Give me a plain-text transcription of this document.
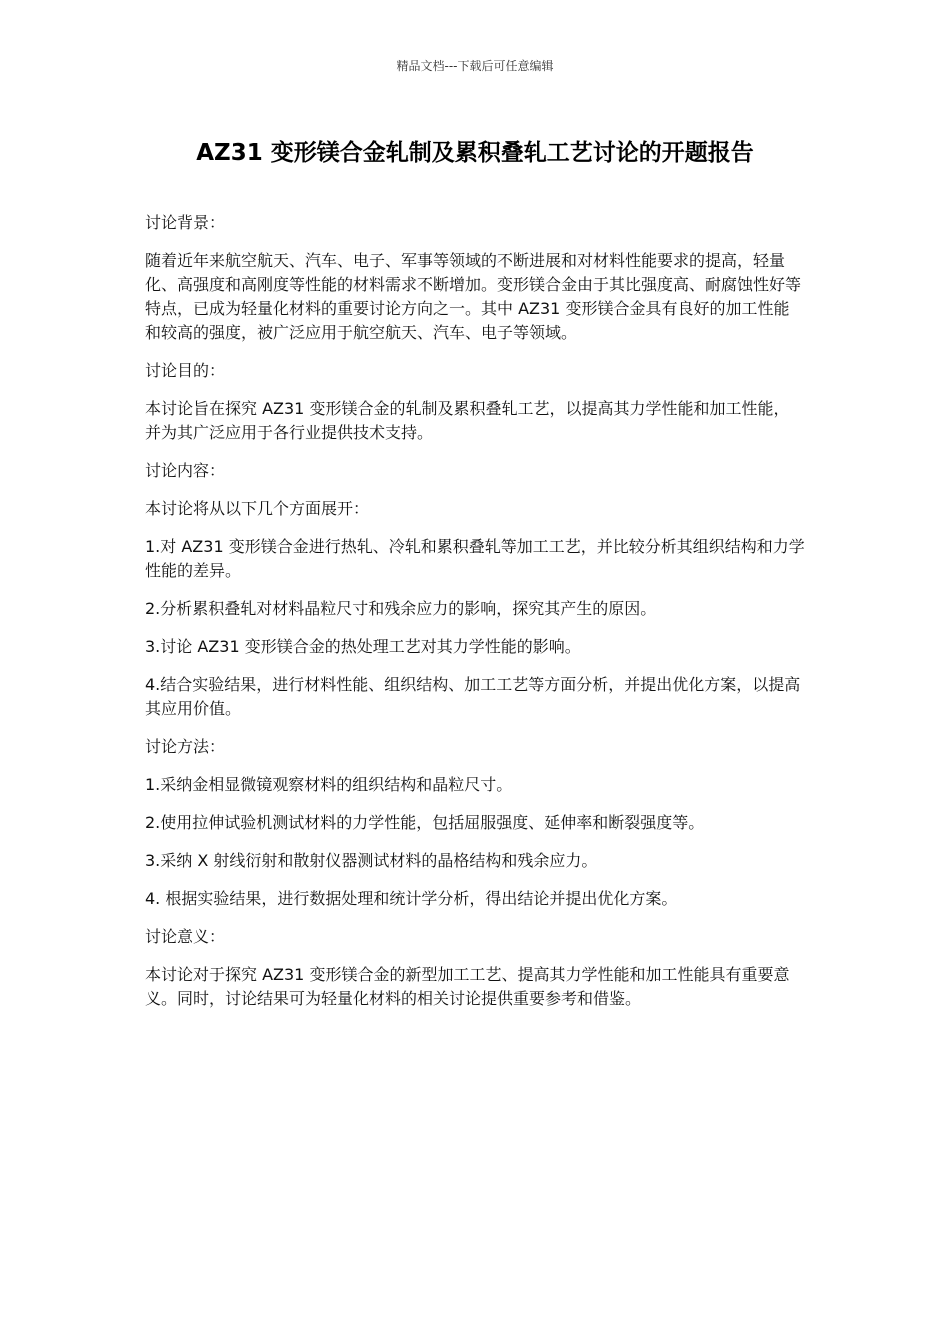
精品文档---下载后可任意编辑
AZ31 变形镁合金轧制及累积叠轧工艺讨论的开题报告

讨论背景：

随着近年来航空航天、汽车、电子、军事等领域的不断进展和对材料性能要求的提高，轻量化、高强度和高刚度等性能的材料需求不断增加。变形镁合金由于其比强度高、耐腐蚀性好等特点，已成为轻量化材料的重要讨论方向之一。其中 AZ31 变形镁合金具有良好的加工性能和较高的强度，被广泛应用于航空航天、汽车、电子等领域。

讨论目的：

本讨论旨在探究 AZ31 变形镁合金的轧制及累积叠轧工艺，以提高其力学性能和加工性能，并为其广泛应用于各行业提供技术支持。

讨论内容：

本讨论将从以下几个方面展开：

1.对 AZ31 变形镁合金进行热轧、冷轧和累积叠轧等加工工艺，并比较分析其组织结构和力学性能的差异。

2.分析累积叠轧对材料晶粒尺寸和残余应力的影响，探究其产生的原因。

3.讨论 AZ31 变形镁合金的热处理工艺对其力学性能的影响。

4.结合实验结果，进行材料性能、组织结构、加工工艺等方面分析，并提出优化方案，以提高其应用价值。

讨论方法：

1.采纳金相显微镜观察材料的组织结构和晶粒尺寸。

2.使用拉伸试验机测试材料的力学性能，包括屈服强度、延伸率和断裂强度等。

3.采纳 X 射线衍射和散射仪器测试材料的晶格结构和残余应力。

4. 根据实验结果，进行数据处理和统计学分析，得出结论并提出优化方案。

讨论意义：

本讨论对于探究 AZ31 变形镁合金的新型加工工艺、提高其力学性能和加工性能具有重要意义。同时，讨论结果可为轻量化材料的相关讨论提供重要参考和借鉴。
